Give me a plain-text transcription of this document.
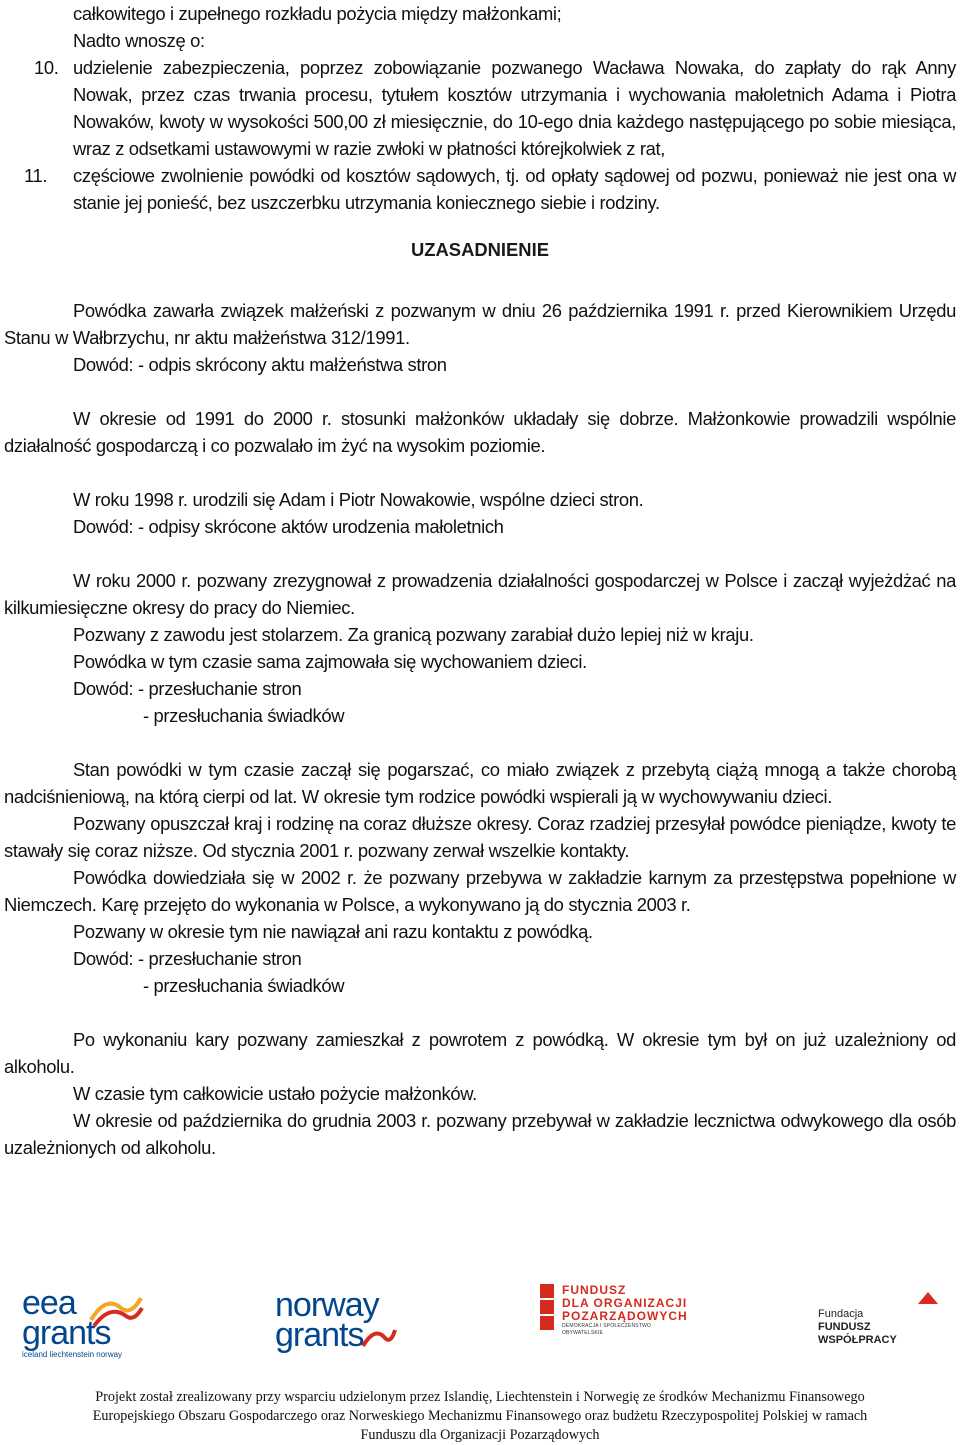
całkowitego i zupełnego rozkładu pożycia między małżonkami;

Nadto wnoszę o:

10. udzielenie zabezpieczenia, poprzez zobowiązanie pozwanego Wacława Nowaka, do zapłaty do rąk Anny Nowak, przez czas trwania procesu, tytułem kosztów utrzymania i wychowania małoletnich Adama i Piotra Nowaków, kwoty w wysokości 500,00 zł miesięcznie, do 10-ego dnia każdego następującego po sobie miesiąca, wraz z odsetkami ustawowymi w razie zwłoki w płatności którejkolwiek z rat,

11. częściowe zwolnienie powódki od kosztów sądowych, tj. od opłaty sądowej od pozwu, ponieważ nie jest ona w stanie jej ponieść, bez uszczerbku utrzymania koniecznego siebie i rodziny.

UZASADNIENIE

Powódka zawarła związek małżeński z pozwanym w dniu 26 października 1991 r. przed Kierownikiem Urzędu Stanu w Wałbrzychu, nr aktu małżeństwa 312/1991.

Dowód: - odpis skrócony aktu małżeństwa stron

W okresie od 1991 do 2000 r. stosunki małżonków układały się dobrze. Małżonkowie prowadzili wspólnie działalność gospodarczą i co pozwalało im żyć na wysokim poziomie.

W roku 1998 r. urodzili się Adam i Piotr Nowakowie, wspólne dzieci stron.

Dowód: - odpisy skrócone aktów urodzenia małoletnich

W roku 2000 r. pozwany zrezygnował z prowadzenia działalności gospodarczej w Polsce i zaczął wyjeżdżać na kilkumiesięczne okresy do pracy do Niemiec.

Pozwany z zawodu jest stolarzem. Za granicą pozwany zarabiał dużo lepiej niż w kraju.

Powódka w tym czasie sama zajmowała się wychowaniem dzieci.

Dowód: - przesłuchanie stron

- przesłuchania świadków

Stan powódki w tym czasie zaczął się pogarszać, co miało związek z przebytą ciążą mnogą a także chorobą nadciśnieniową, na którą cierpi od lat. W okresie tym rodzice powódki wspierali ją w wychowywaniu dzieci.

Pozwany opuszczał kraj i rodzinę na coraz dłuższe okresy. Coraz rzadziej przesyłał powódce pieniądze, kwoty te stawały się coraz niższe. Od stycznia 2001 r. pozwany zerwał wszelkie kontakty.

Powódka dowiedziała się w 2002 r. że pozwany przebywa w zakładzie karnym za przestępstwa popełnione w Niemczech. Karę przejęto do wykonania w Polsce, a wykonywano ją do stycznia 2003 r.

Pozwany w okresie tym nie nawiązał ani razu kontaktu z powódką.

Dowód: - przesłuchanie stron

- przesłuchania świadków

Po wykonaniu kary pozwany zamieszkał z powrotem z powódką. W okresie tym był on już uzależniony od alkoholu.

W czasie tym całkowicie ustało pożycie małżonków.

W okresie od października do grudnia 2003 r. pozwany przebywał w zakładzie lecznictwa odwykowego dla osób uzależnionych od alkoholu.

eea
grants
iceland liechtenstein norway
norway
grants
FUNDUSZ
DLA ORGANIZACJI
POZARZĄDOWYCH
DEMOKRACJA I SPOŁECZEŃSTWO OBYWATELSKIE
Fundacja
FUNDUSZ WSPÓŁPRACY
Projekt został zrealizowany przy wsparciu udzielonym przez Islandię, Liechtenstein i Norwegię ze środków Mechanizmu Finansowego
Europejskiego Obszaru Gospodarczego oraz Norweskiego Mechanizmu Finansowego oraz budżetu Rzeczypospolitej Polskiej w ramach
Funduszu dla Organizacji Pozarządowych
